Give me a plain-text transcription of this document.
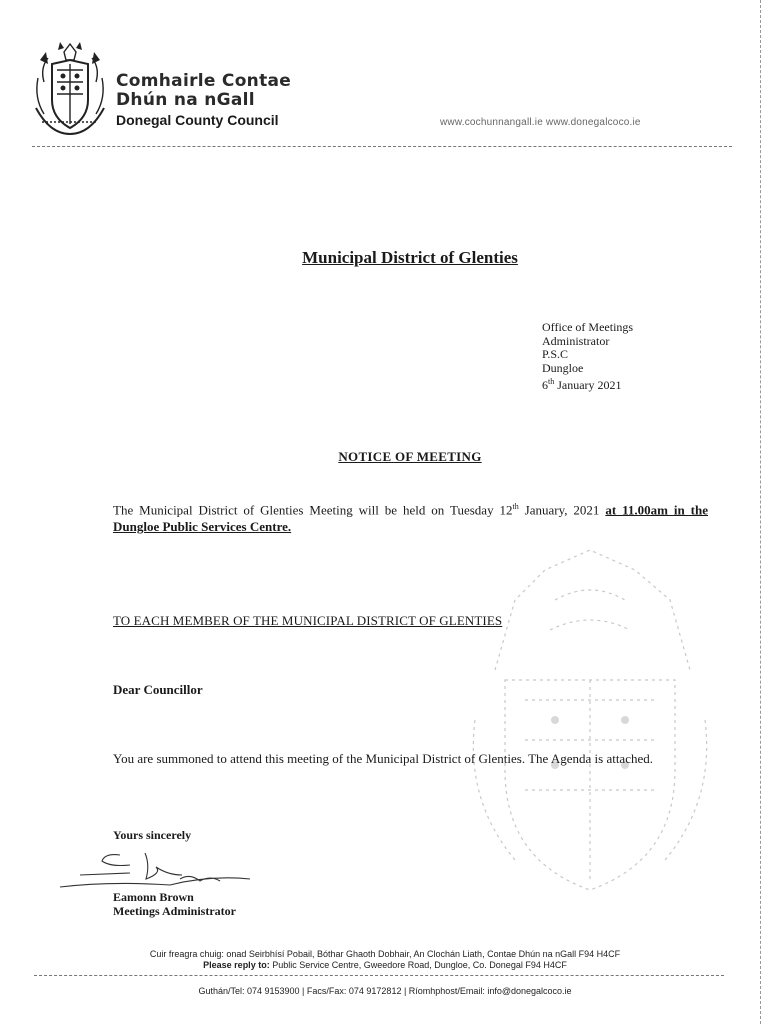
Comhairle Contae
Dhún na nGall
Donegal County Council	www.cochunnangall.ie www.donegalcoco.ie
Municipal District of Glenties
Office of Meetings
Administrator
P.S.C
Dungloe
6th January 2021
NOTICE OF MEETING
The Municipal District of Glenties Meeting will be held on Tuesday 12th January, 2021 at 11.00am in the Dungloe Public Services Centre.
TO EACH MEMBER OF THE MUNICIPAL DISTRICT OF GLENTIES
Dear Councillor
You are summoned to attend this meeting of the Municipal District of Glenties. The Agenda is attached.
Yours sincerely
Eamonn Brown
Meetings Administrator
Cuir freagra chuig: onad Seirbhísí Pobail, Bóthar Ghaoth Dobhair, An Clochán Liath, Contae Dhún na nGall F94 H4CF
Please reply to: Public Service Centre, Gweedore Road, Dungloe, Co. Donegal F94 H4CF
Guthán/Tel: 074 9153900 | Facs/Fax: 074 9172812 | Ríomhphost/Email: info@donegalcoco.ie
